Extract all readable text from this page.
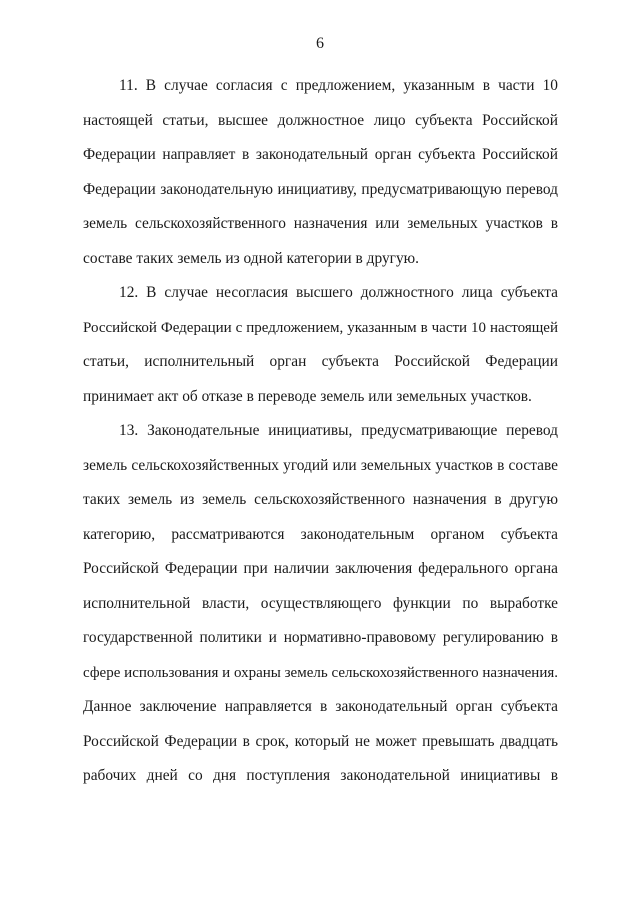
6
11. В случае согласия с предложением, указанным в части 10
настоящей статьи, высшее должностное лицо субъекта Российской
Федерации направляет в законодательный орган субъекта Российской
Федерации законодательную инициативу, предусматривающую перевод
земель сельскохозяйственного назначения или земельных участков в
составе таких земель из одной категории в другую.
12. В случае несогласия высшего должностного лица субъекта
Российской Федерации с предложением, указанным в части 10 настоящей
статьи, исполнительный орган субъекта Российской Федерации
принимает акт об отказе в переводе земель или земельных участков.
13. Законодательные инициативы, предусматривающие перевод
земель сельскохозяйственных угодий или земельных участков в составе
таких земель из земель сельскохозяйственного назначения в другую
категорию, рассматриваются законодательным органом субъекта
Российской Федерации при наличии заключения федерального органа
исполнительной власти, осуществляющего функции по выработке
государственной политики и нормативно-правовому регулированию в
сфере использования и охраны земель сельскохозяйственного назначения.
Данное заключение направляется в законодательный орган субъекта
Российской Федерации в срок, который не может превышать двадцать
рабочих дней со дня поступления законодательной инициативы в
